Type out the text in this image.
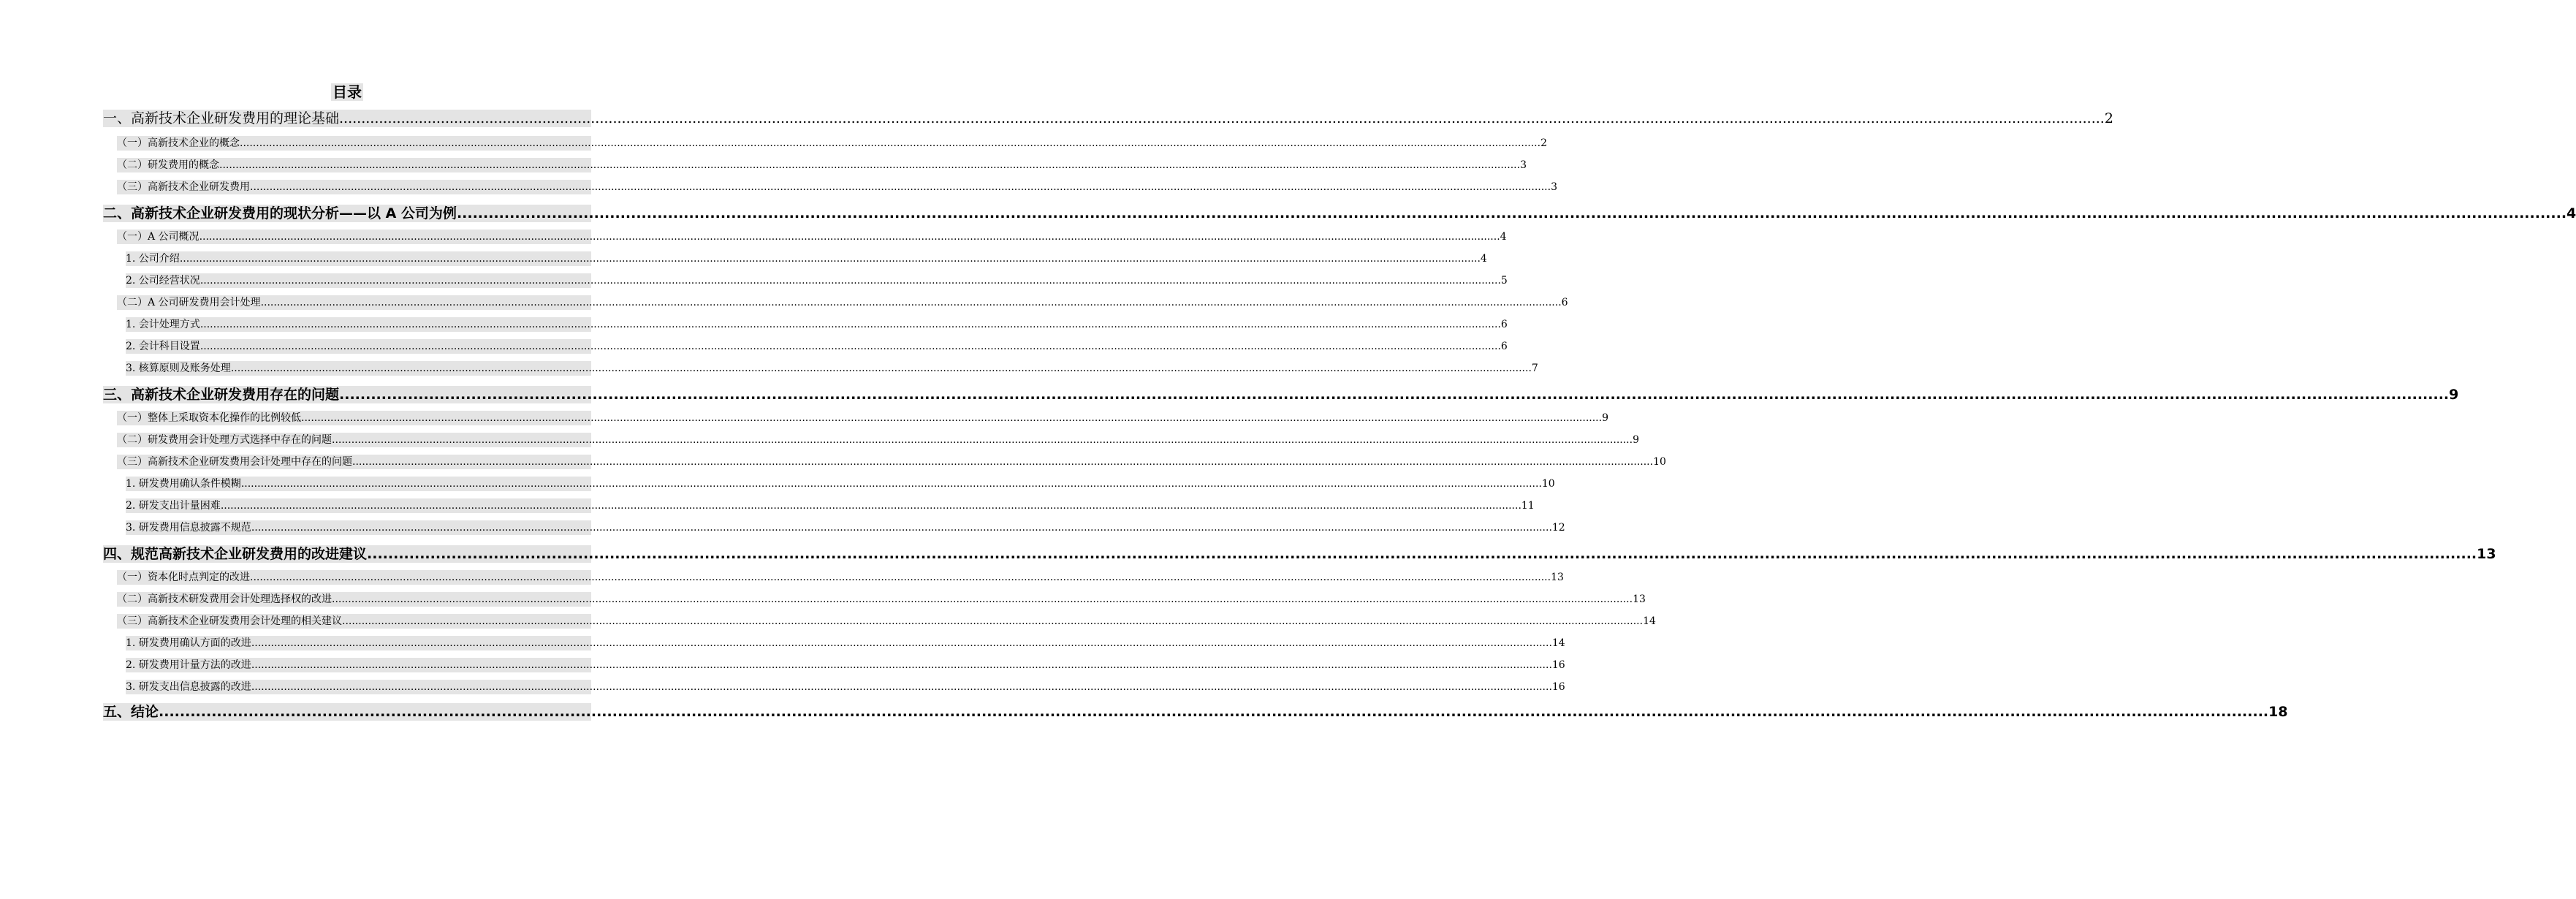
目录
一、高新技术企业研发费用的理论基础 ................................................................................................................................................................................................................................................................................................................................................................................................................ 2
（一）高新技术企业的概念 ................................................................................................................................................................................................................................................................................................................................................................................................................ 2
（二）研发费用的概念 ................................................................................................................................................................................................................................................................................................................................................................................................................ 3
（三）高新技术企业研发费用 ................................................................................................................................................................................................................................................................................................................................................................................................................ 3
二、高新技术企业研发费用的现状分析——以 A 公司为例 ................................................................................................................................................................................................................................................................................................................................................................................................................ 4
（一）A 公司概况 ................................................................................................................................................................................................................................................................................................................................................................................................................ 4
1. 公司介绍 ................................................................................................................................................................................................................................................................................................................................................................................................................ 4
2. 公司经营状况 ................................................................................................................................................................................................................................................................................................................................................................................................................ 5
（二）A 公司研发费用会计处理 ................................................................................................................................................................................................................................................................................................................................................................................................................ 6
1. 会计处理方式 ................................................................................................................................................................................................................................................................................................................................................................................................................ 6
2. 会计科目设置 ................................................................................................................................................................................................................................................................................................................................................................................................................ 6
3. 核算原则及账务处理 ................................................................................................................................................................................................................................................................................................................................................................................................................ 7
三、高新技术企业研发费用存在的问题 ................................................................................................................................................................................................................................................................................................................................................................................................................ 9
（一）整体上采取资本化操作的比例较低 ................................................................................................................................................................................................................................................................................................................................................................................................................ 9
（二）研发费用会计处理方式选择中存在的问题 ................................................................................................................................................................................................................................................................................................................................................................................................................ 9
（三）高新技术企业研发费用会计处理中存在的问题 ................................................................................................................................................................................................................................................................................................................................................................................................................ 10
1. 研发费用确认条件模糊 ................................................................................................................................................................................................................................................................................................................................................................................................................ 10
2. 研发支出计量困难 ................................................................................................................................................................................................................................................................................................................................................................................................................ 11
3. 研发费用信息披露不规范 ................................................................................................................................................................................................................................................................................................................................................................................................................ 12
四、规范高新技术企业研发费用的改进建议 ................................................................................................................................................................................................................................................................................................................................................................................................................ 13
（一）资本化时点判定的改进 ................................................................................................................................................................................................................................................................................................................................................................................................................ 13
（二）高新技术研发费用会计处理选择权的改进 ................................................................................................................................................................................................................................................................................................................................................................................................................ 13
（三）高新技术企业研发费用会计处理的相关建议 ................................................................................................................................................................................................................................................................................................................................................................................................................ 14
1. 研发费用确认方面的改进 ................................................................................................................................................................................................................................................................................................................................................................................................................ 14
2. 研发费用计量方法的改进 ................................................................................................................................................................................................................................................................................................................................................................................................................ 16
3. 研发支出信息披露的改进 ................................................................................................................................................................................................................................................................................................................................................................................................................ 16
五、结论 ................................................................................................................................................................................................................................................................................................................................................................................................................ 18
